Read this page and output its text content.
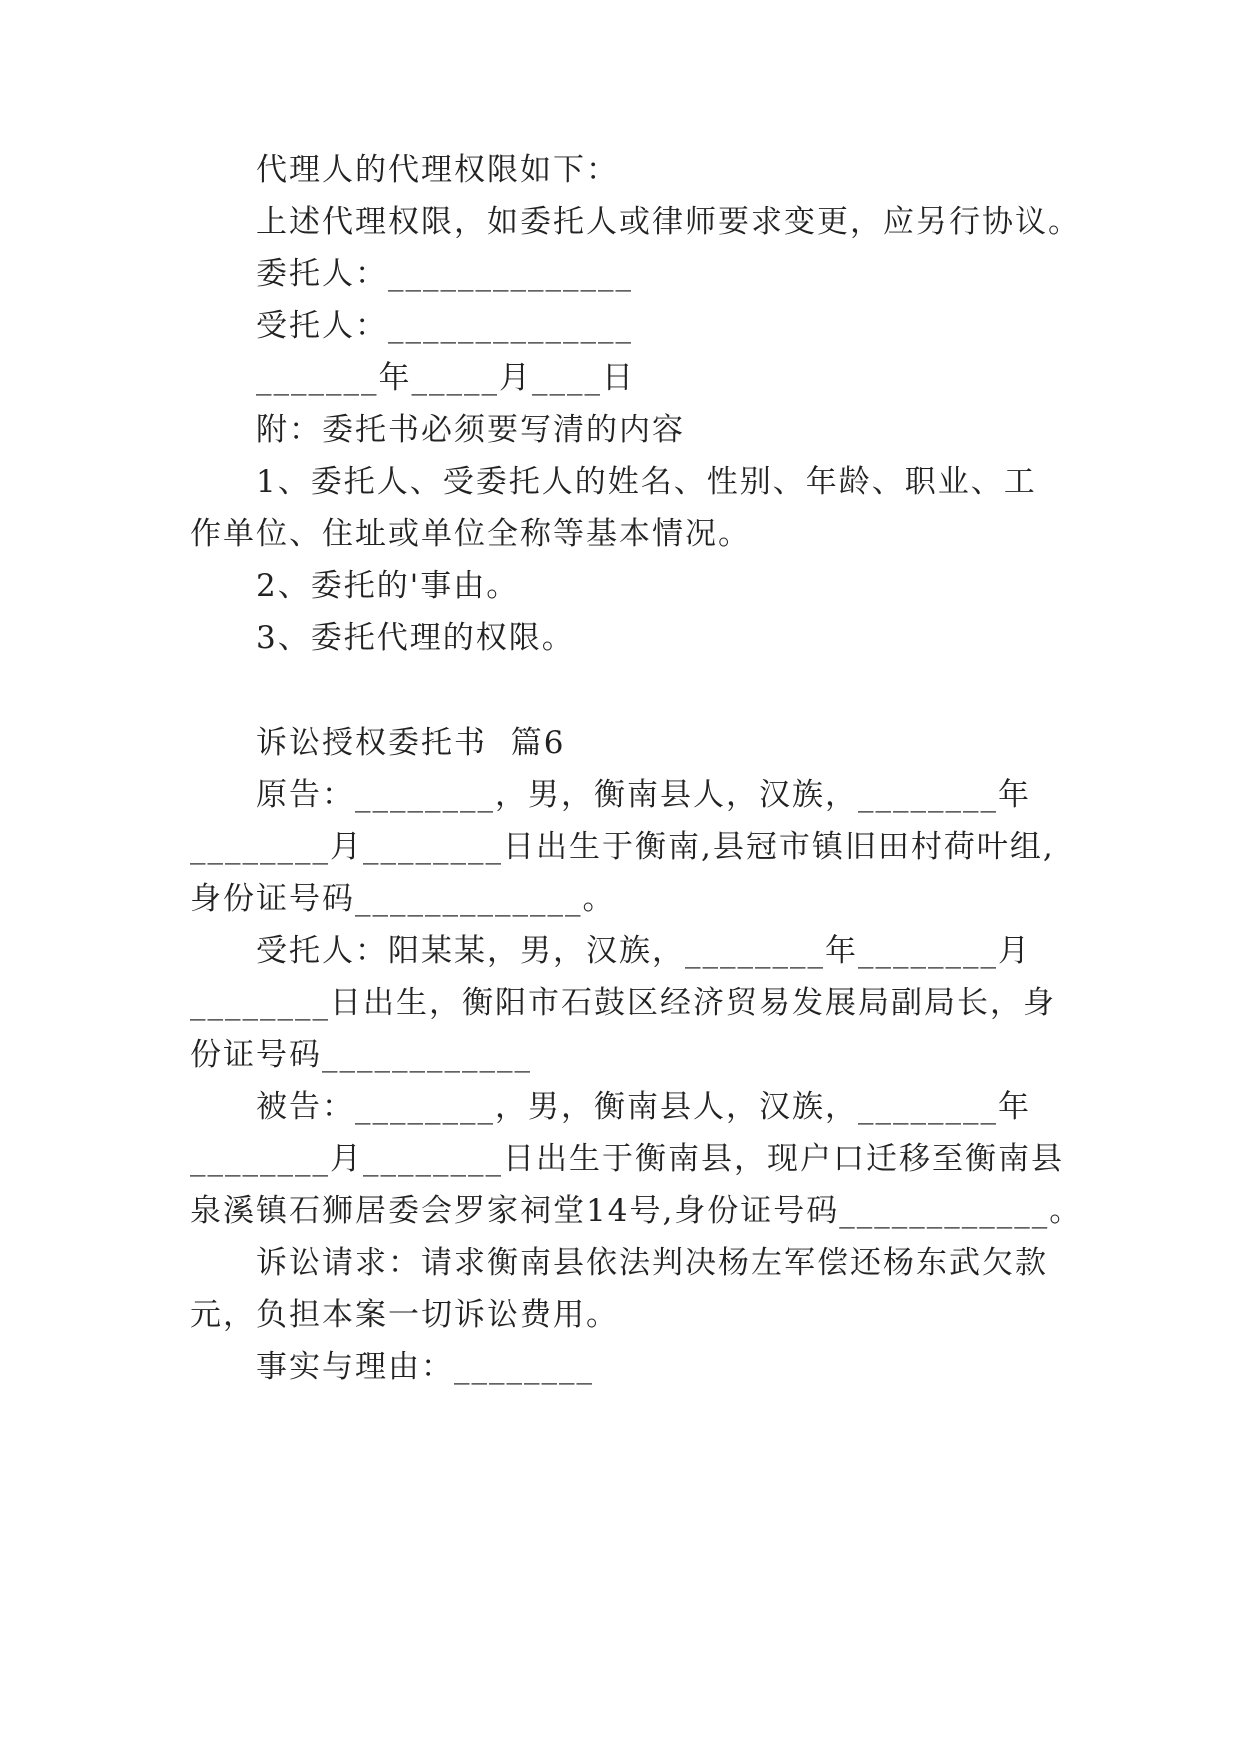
代理人的代理权限如下：
上述代理权限，如委托人或律师要求变更，应另行协议。
委托人：______________
受托人：______________
_______年_____月____日
附：委托书必须要写清的内容
1、委托人、受委托人的姓名、性别、年龄、职业、工
作单位、住址或单位全称等基本情况。
2、委托的'事由。
3、委托代理的权限。
诉讼授权委托书  篇6
原告：________，男，衡南县人，汉族，________年
________月________日出生于衡南,县冠市镇旧田村荷叶组,
身份证号码_____________。
受托人：阳某某，男，汉族，________年________月
________日出生，衡阳市石鼓区经济贸易发展局副局长，身
份证号码____________
被告：________，男，衡南县人，汉族，________年
________月________日出生于衡南县，现户口迁移至衡南县
泉溪镇石狮居委会罗家祠堂14号,身份证号码____________。
诉讼请求：请求衡南县依法判决杨左军偿还杨东武欠款
元，负担本案一切诉讼费用。
事实与理由：________
